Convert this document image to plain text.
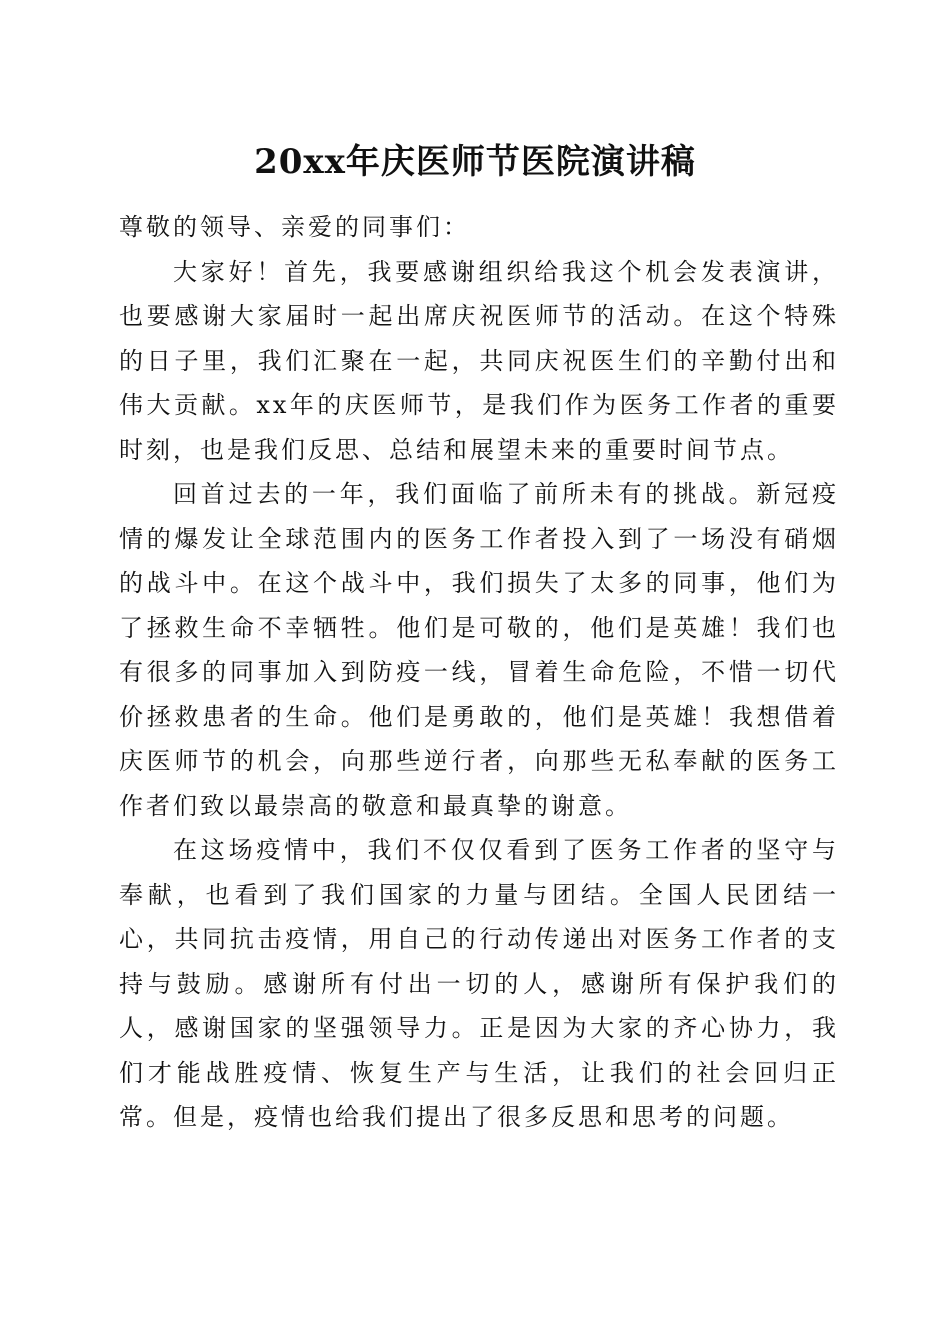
20xx年庆医师节医院演讲稿

尊敬的领导、亲爱的同事们：

大家好！首先，我要感谢组织给我这个机会发表演讲，也要感谢大家届时一起出席庆祝医师节的活动。在这个特殊的日子里，我们汇聚在一起，共同庆祝医生们的辛勤付出和伟大贡献。xx年的庆医师节，是我们作为医务工作者的重要时刻，也是我们反思、总结和展望未来的重要时间节点。

回首过去的一年，我们面临了前所未有的挑战。新冠疫情的爆发让全球范围内的医务工作者投入到了一场没有硝烟的战斗中。在这个战斗中，我们损失了太多的同事，他们为了拯救生命不幸牺牲。他们是可敬的，他们是英雄！我们也有很多的同事加入到防疫一线，冒着生命危险，不惜一切代价拯救患者的生命。他们是勇敢的，他们是英雄！我想借着庆医师节的机会，向那些逆行者，向那些无私奉献的医务工作者们致以最崇高的敬意和最真挚的谢意。

在这场疫情中，我们不仅仅看到了医务工作者的坚守与奉献，也看到了我们国家的力量与团结。全国人民团结一心，共同抗击疫情，用自己的行动传递出对医务工作者的支持与鼓励。感谢所有付出一切的人，感谢所有保护我们的人，感谢国家的坚强领导力。正是因为大家的齐心协力，我们才能战胜疫情、恢复生产与生活，让我们的社会回归正常。但是，疫情也给我们提出了很多反思和思考的问题。
